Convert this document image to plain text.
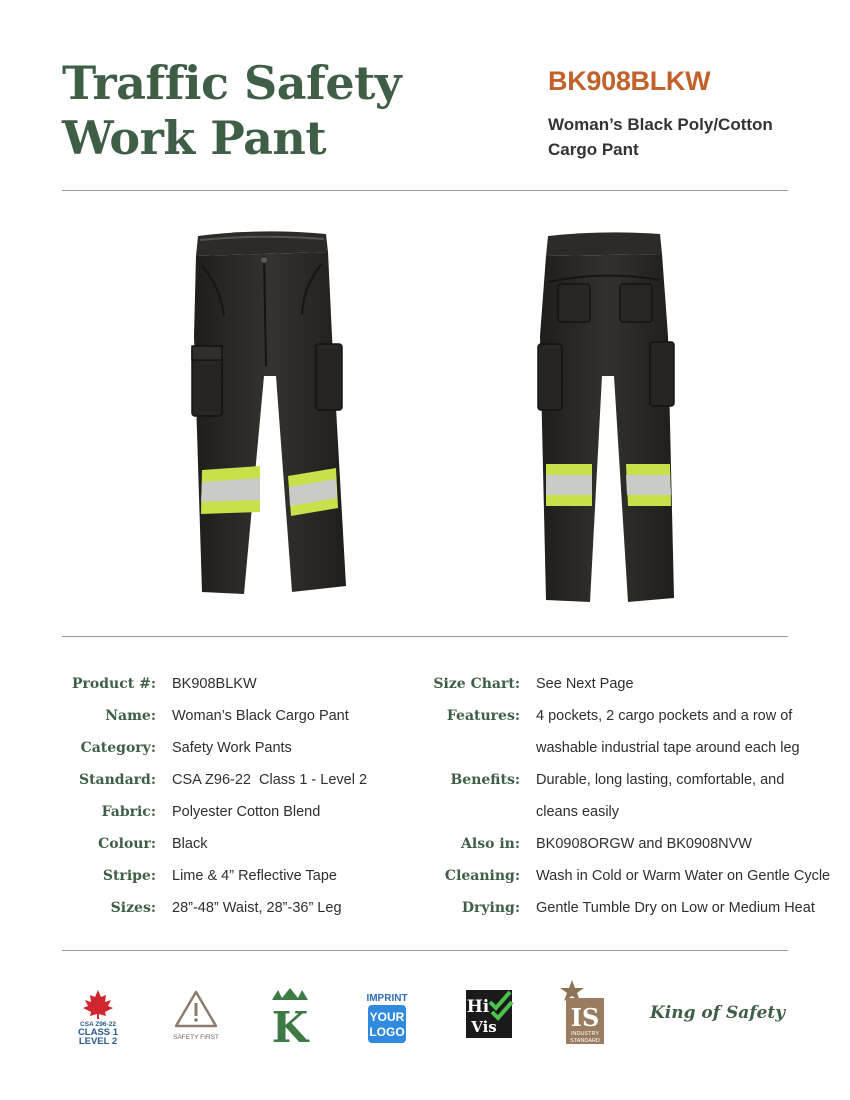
Traffic Safety
Work Pant
BK908BLKW
Woman’s Black Poly/Cotton
Cargo Pant
Product #: BK908BLKW
Name: Woman’s Black Cargo Pant
Category: Safety Work Pants
Standard: CSA Z96-22  Class 1 - Level 2
Fabric: Polyester Cotton Blend
Colour: Black
Stripe: Lime & 4” Reflective Tape
Sizes: 28”-48” Waist, 28”-36” Leg
Size Chart: See Next Page
Features: 4 pockets, 2 cargo pockets and a row of
washable industrial tape around each leg
Benefits: Durable, long lasting, comfortable, and
cleans easily
Also in: BK0908ORGW and BK0908NVW
Cleaning: Wash in Cold or Warm Water on Gentle Cycle
Drying: Gentle Tumble Dry on Low or Medium Heat
CSA Z96-22
CLASS 1
LEVEL 2	SAFETY FIRST K
IMPRINT
YOUR
LOGO
Hi
Vis	IS
INDUSTRY
STANDARD
King of Safety
